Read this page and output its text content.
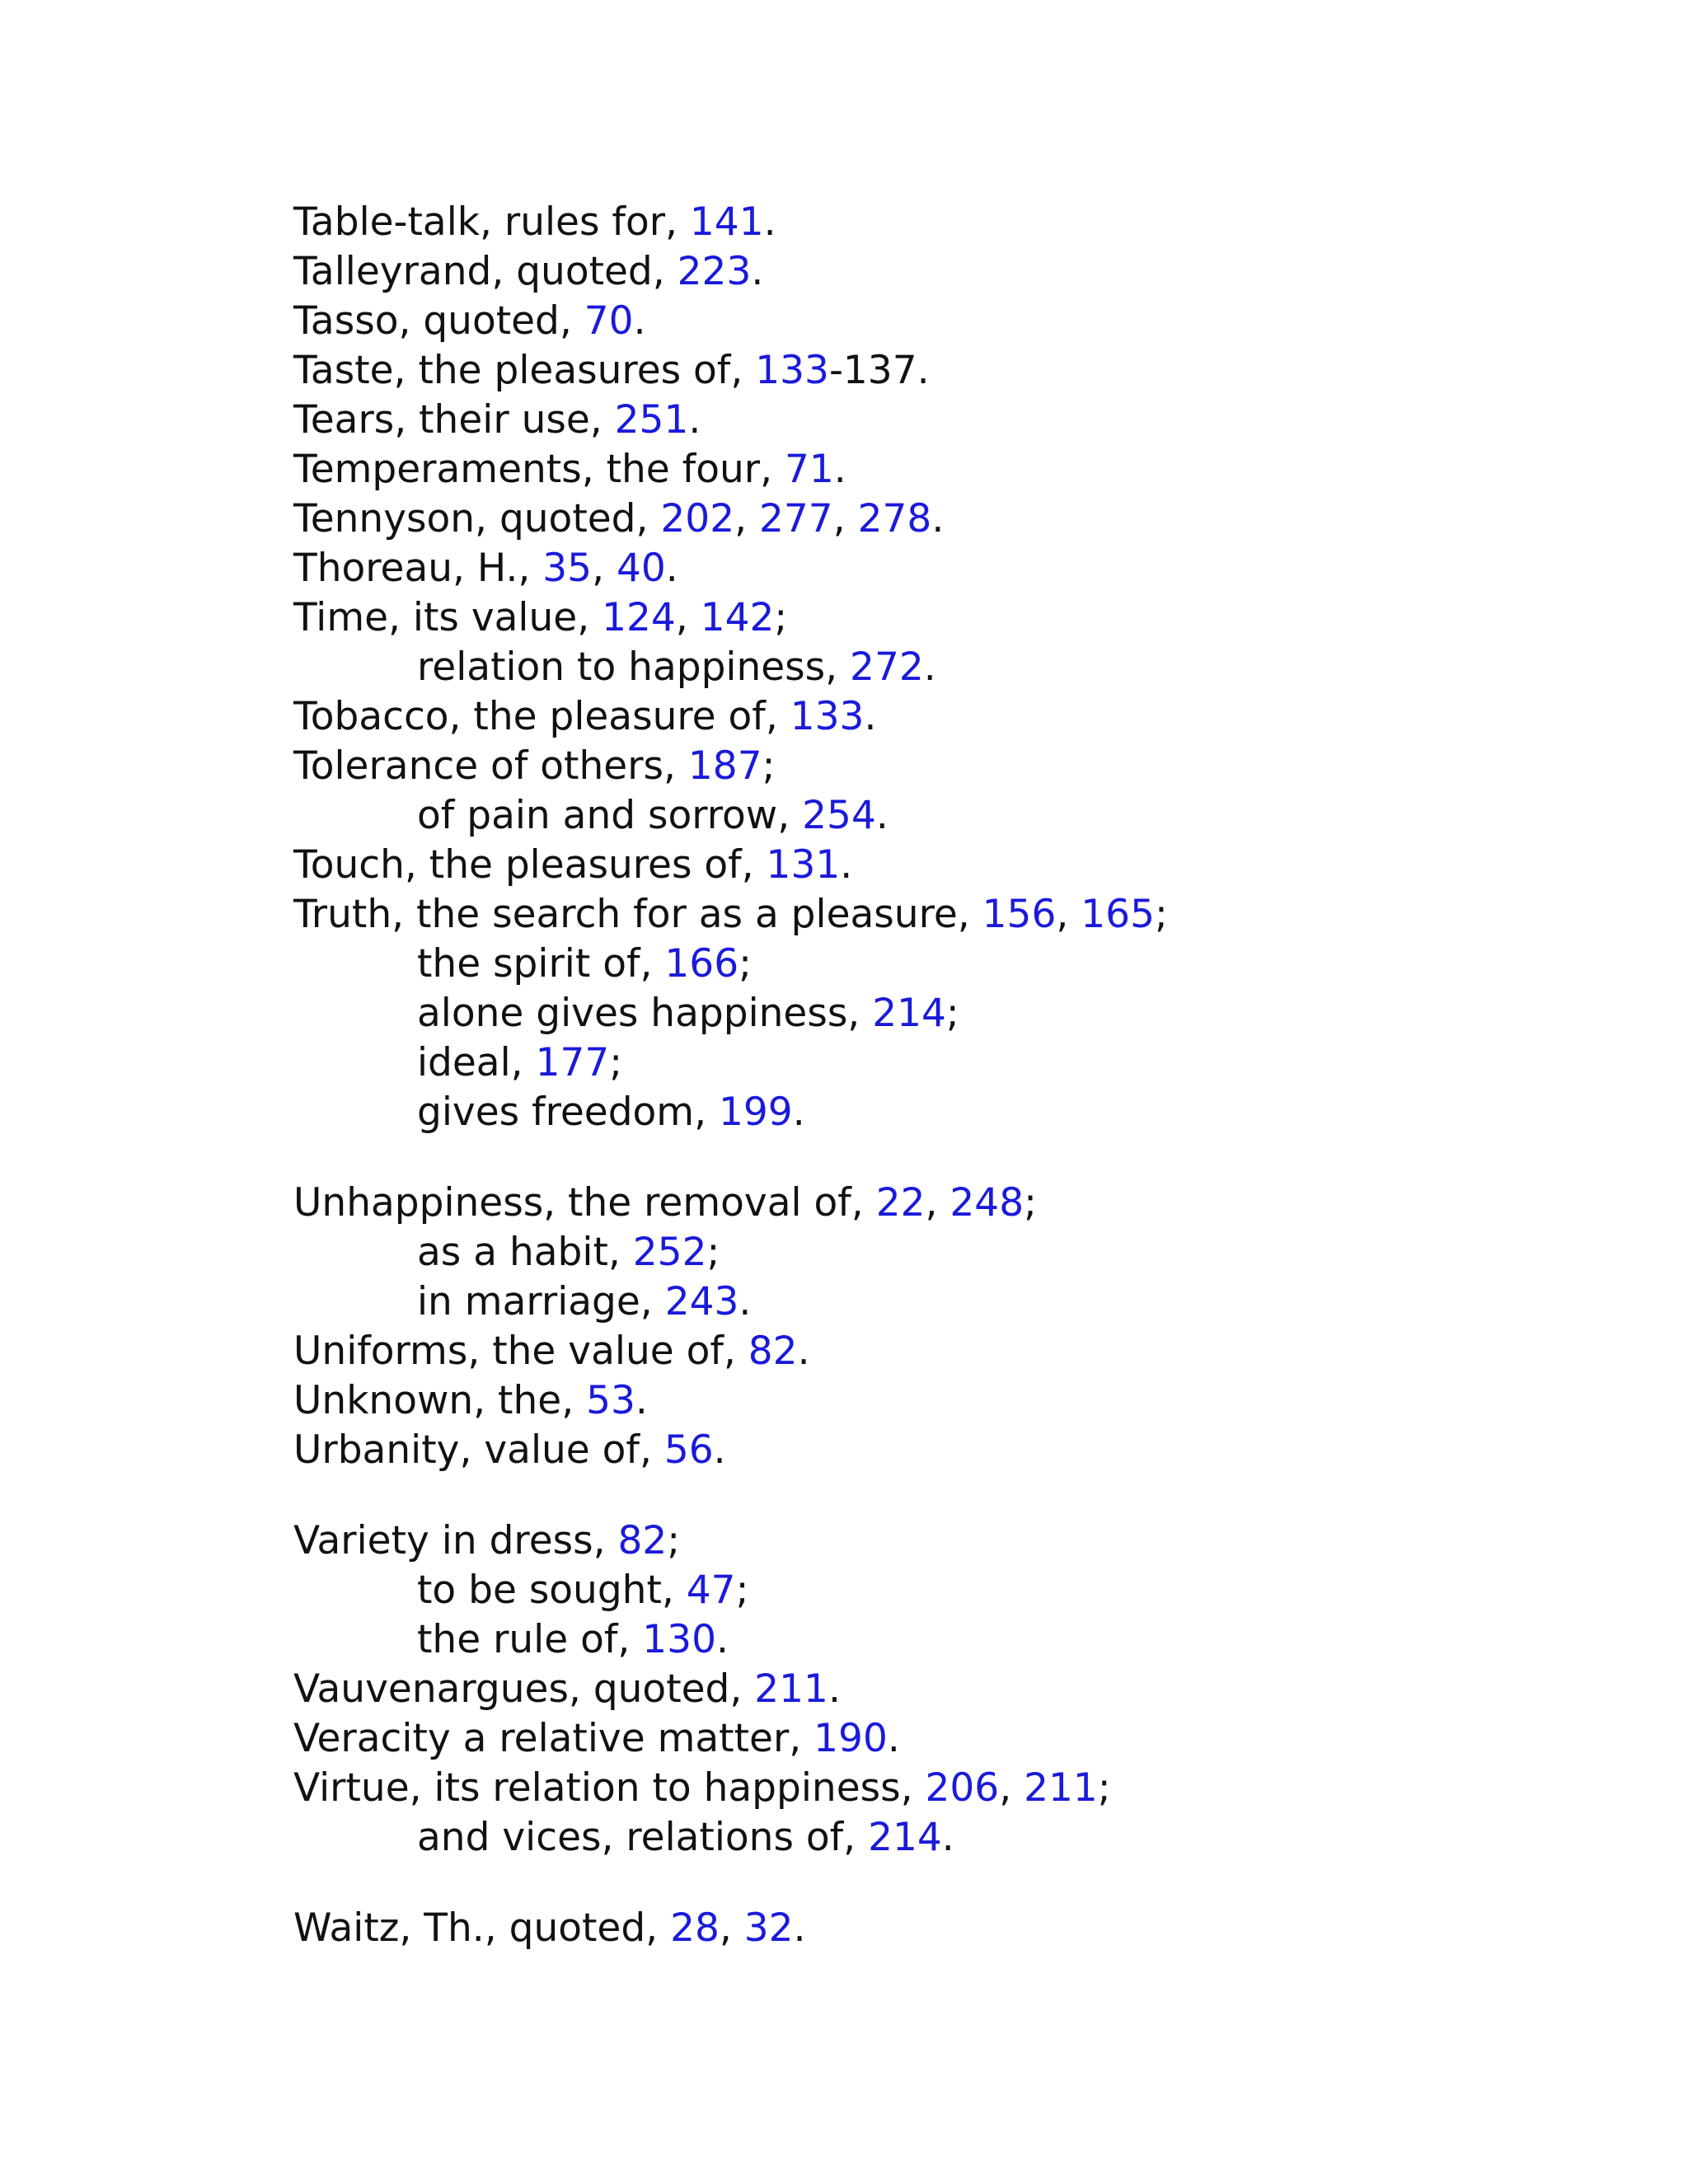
Table-talk, rules for, 141.
Talleyrand, quoted, 223.
Tasso, quoted, 70.
Taste, the pleasures of, 133-137.
Tears, their use, 251.
Temperaments, the four, 71.
Tennyson, quoted, 202, 277, 278.
Thoreau, H., 35, 40.
Time, its value, 124, 142;
relation to happiness, 272.
Tobacco, the pleasure of, 133.
Tolerance of others, 187;
of pain and sorrow, 254.
Touch, the pleasures of, 131.
Truth, the search for as a pleasure, 156, 165;
the spirit of, 166;
alone gives happiness, 214;
ideal, 177;
gives freedom, 199.
Unhappiness, the removal of, 22, 248;
as a habit, 252;
in marriage, 243.
Uniforms, the value of, 82.
Unknown, the, 53.
Urbanity, value of, 56.
Variety in dress, 82;
to be sought, 47;
the rule of, 130.
Vauvenargues, quoted, 211.
Veracity a relative matter, 190.
Virtue, its relation to happiness, 206, 211;
and vices, relations of, 214.
Waitz, Th., quoted, 28, 32.
